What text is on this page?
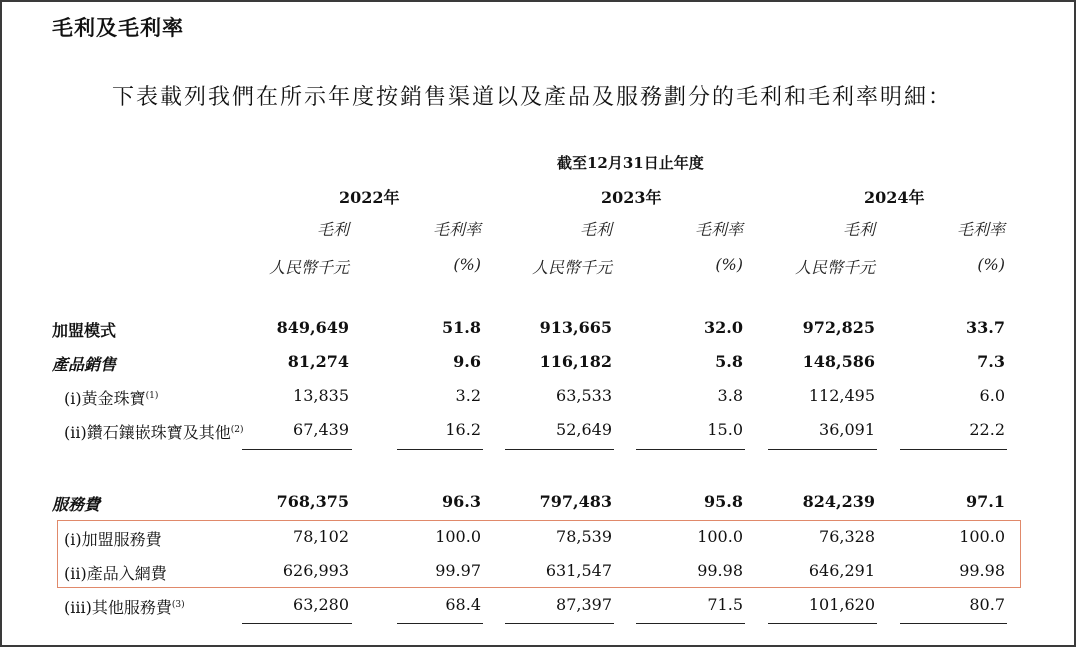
毛利及毛利率
下表載列我們在所示年度按銷售渠道以及產品及服務劃分的毛利和毛利率明細：
截至12月31日止年度
2022年	2023年	2024年
毛利	毛利率
人民幣千元	(%)
毛利	毛利率
人民幣千元	(%)
毛利	毛利率
人民幣千元	(%)
加盟模式	849,649	51.8	913,665	32.0	972,825	33.7
產品銷售	81,274	9.6	116,182	5.8	148,586	7.3
(i)黃金珠寶$^{(1)}$	13,835	3.2	63,533	3.8	112,495	6.0
(ii)鑽石鑲嵌珠寶及其他$^{(2)}$	67,439	16.2	52,649	15.0	36,091	22.2
服務費	768,375	96.3	797,483	95.8	824,239	97.1
(i)加盟服務費	78,102	100.0	78,539	100.0	76,328	100.0
(ii)產品入網費	626,993	99.97	631,547	99.98	646,291	99.98
(iii)其他服務費$^{(3)}$	63,280	68.4	87,397	71.5	101,620	80.7
